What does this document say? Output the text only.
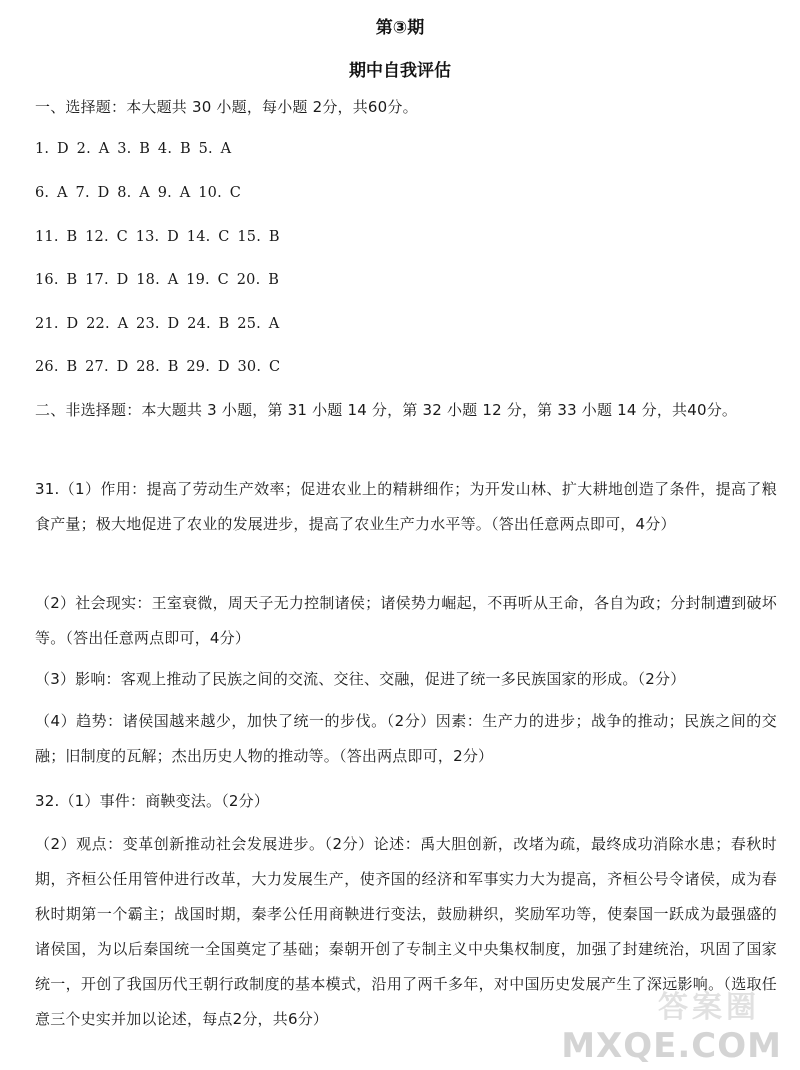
第③期
期中自我评估
一、选择题：本大题共 30 小题，每小题 2分，共60分。
1. D 2. A 3. B 4. B 5. A
6. A 7. D 8. A 9. A 10. C
11. B 12. C 13. D 14. C 15. B
16. B 17. D 18. A 19. C 20. B
21. D 22. A 23. D 24. B 25. A
26. B 27. D 28. B 29. D 30. C
二、非选择题：本大题共 3 小题，第 31 小题 14 分，第 32 小题 12 分，第 33 小题 14 分，共40分。
31.（1）作用：提高了劳动生产效率；促进农业上的精耕细作；为开发山林、扩大耕地创造了条件，提高了粮食产量；极大地促进了农业的发展进步，提高了农业生产力水平等。（答出任意两点即可，4分）
（2）社会现实：王室衰微，周天子无力控制诸侯；诸侯势力崛起，不再听从王命，各自为政；分封制遭到破坏等。（答出任意两点即可，4分）
（3）影响：客观上推动了民族之间的交流、交往、交融，促进了统一多民族国家的形成。（2分）
（4）趋势：诸侯国越来越少，加快了统一的步伐。（2分）因素：生产力的进步；战争的推动；民族之间的交融；旧制度的瓦解；杰出历史人物的推动等。（答出两点即可，2分）
32.（1）事件：商鞅变法。（2分）
（2）观点：变革创新推动社会发展进步。（2分）论述：禹大胆创新，改堵为疏，最终成功消除水患；春秋时期，齐桓公任用管仲进行改革，大力发展生产，使齐国的经济和军事实力大为提高，齐桓公号令诸侯，成为春秋时期第一个霸主；战国时期，秦孝公任用商鞅进行变法，鼓励耕织，奖励军功等，使秦国一跃成为最强盛的诸侯国，为以后秦国统一全国奠定了基础；秦朝开创了专制主义中央集权制度，加强了封建统治，巩固了国家统一，开创了我国历代王朝行政制度的基本模式，沿用了两千多年，对中国历史发展产生了深远影响。（选取任意三个史实并加以论述，每点2分，共6分）	答案圈
MXQE.COM
